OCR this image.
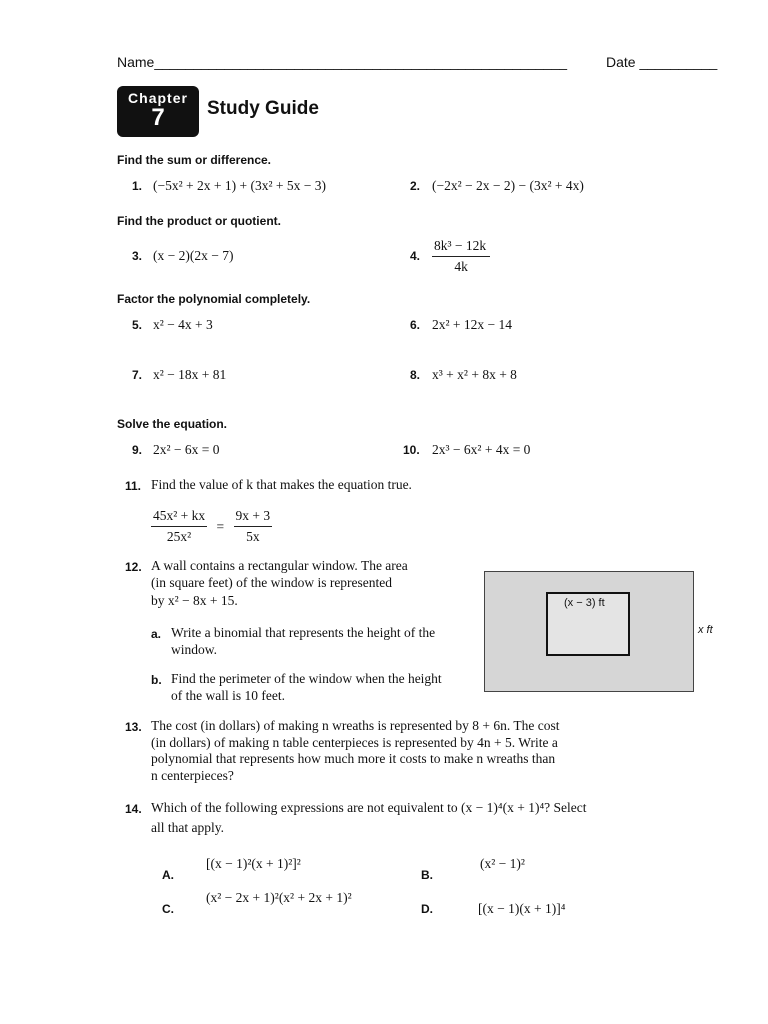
Name_____________________________________________________	Date __________
Chapter
7	Study Guide
Find the sum or difference.
1. (−5x² + 2x + 1) + (3x² + 5x − 3)	2. (−2x² − 2x − 2) − (3x² + 4x)
Find the product or quotient.
3. (x − 2)(2x − 7)	4. $\frac{\text{8k³ − 12k}}{4k}$
Factor the polynomial completely.
5. x² − 4x + 3	6. 2x² + 12x − 14
7. x² − 18x + 81	8. x³ + x² + 8x + 8
Solve the equation.
9. 2x² − 6x = 0	10. 2x³ − 6x² + 4x = 0
11. Find the value of k that makes the equation true.
$\frac{\text{45x² + kx}}{\text{25x²}} = \frac{9x + 3}{5x}$
12. A wall contains a rectangular window. The area
(in square feet) of the window is represented
by x² − 8x + 15.
a. Write a binomial that represents the height of the
window.
b. Find the perimeter of the window when the height
of the wall is 10 feet.
(x − 3) ft
x ft
13. The cost (in dollars) of making n wreaths is represented by 8 + 6n. The cost
(in dollars) of making n table centerpieces is represented by 4n + 5. Write a
polynomial that represents how much more it costs to make n wreaths than
n centerpieces?
14. Which of the following expressions are not equivalent to (x − 1)⁴(x + 1)⁴? Select
all that apply.
A.
[(x − 1)²(x + 1)²]²
B.
(x² − 1)²
C.
(x² − 2x + 1)²(x² + 2x + 1)²
D.	[(x − 1)(x + 1)]⁴
